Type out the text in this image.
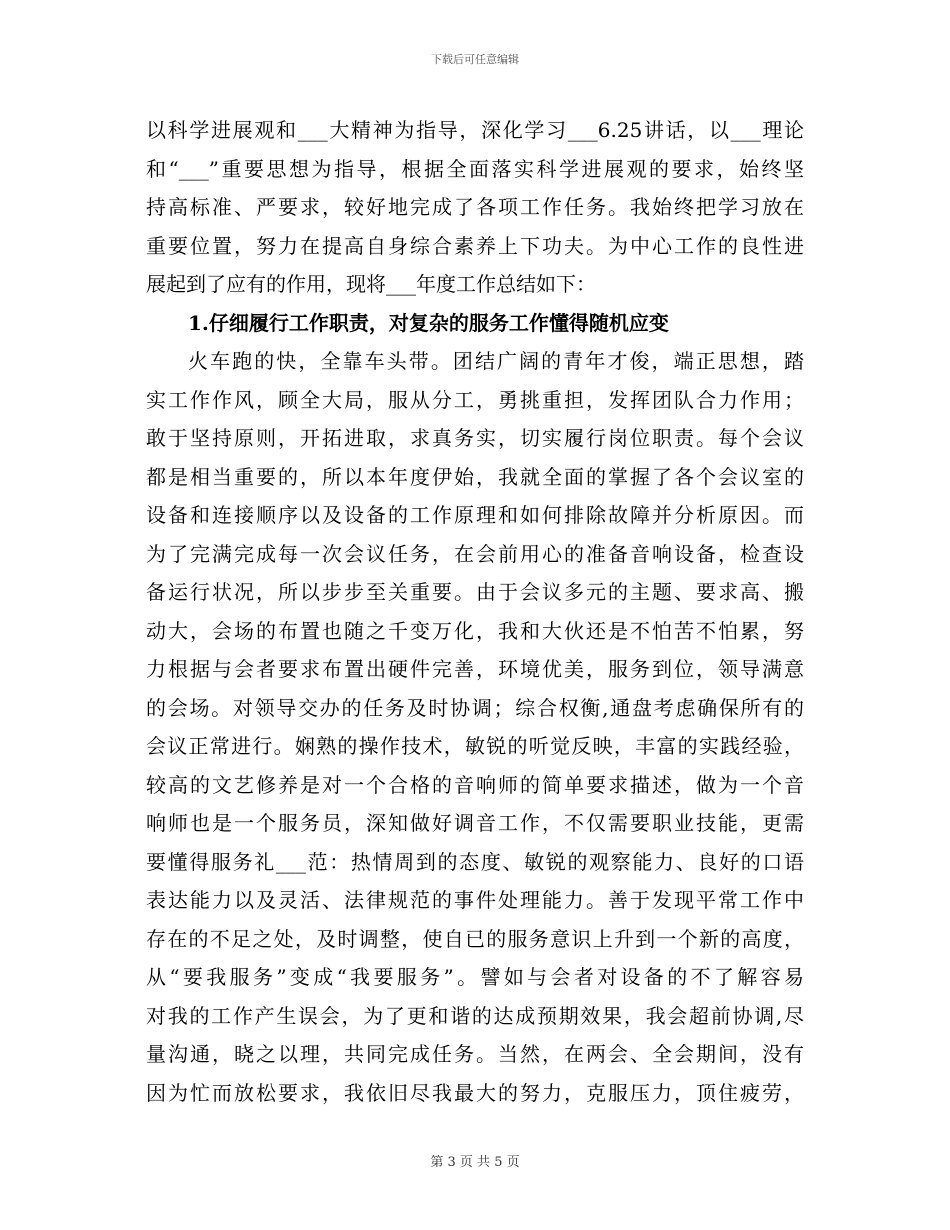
下载后可任意编辑
以科学进展观和___大精神为指导，深化学习___6.25讲话，以___理论
和“___”重要思想为指导，根据全面落实科学进展观的要求，始终坚
持高标准、严要求，较好地完成了各项工作任务。我始终把学习放在
重要位置，努力在提高自身综合素养上下功夫。为中心工作的良性进
展起到了应有的作用，现将___年度工作总结如下：
1.仔细履行工作职责，对复杂的服务工作懂得随机应变
火车跑的快，全靠车头带。团结广阔的青年才俊，端正思想，踏
实工作作风，顾全大局，服从分工，勇挑重担，发挥团队合力作用；
敢于坚持原则，开拓进取，求真务实，切实履行岗位职责。每个会议
都是相当重要的，所以本年度伊始，我就全面的掌握了各个会议室的
设备和连接顺序以及设备的工作原理和如何排除故障并分析原因。而
为了完满完成每一次会议任务，在会前用心的准备音响设备，检查设
备运行状况，所以步步至关重要。由于会议多元的主题、要求高、搬
动大，会场的布置也随之千变万化，我和大伙还是不怕苦不怕累，努
力根据与会者要求布置出硬件完善，环境优美，服务到位，领导满意
的会场。对领导交办的任务及时协调；综合权衡,通盘考虑确保所有的
会议正常进行。娴熟的操作技术，敏锐的听觉反映，丰富的实践经验，
较高的文艺修养是对一个合格的音响师的简单要求描述，做为一个音
响师也是一个服务员，深知做好调音工作，不仅需要职业技能，更需
要懂得服务礼___范：热情周到的态度、敏锐的观察能力、良好的口语
表达能力以及灵活、法律规范的事件处理能力。善于发现平常工作中
存在的不足之处，及时调整，使自已的服务意识上升到一个新的高度，
从“要我服务”变成“我要服务”。譬如与会者对设备的不了解容易
对我的工作产生误会，为了更和谐的达成预期效果，我会超前协调,尽
量沟通，晓之以理，共同完成任务。当然，在两会、全会期间，没有
因为忙而放松要求，我依旧尽我最大的努力，克服压力，顶住疲劳，
第 3 页 共 5 页
